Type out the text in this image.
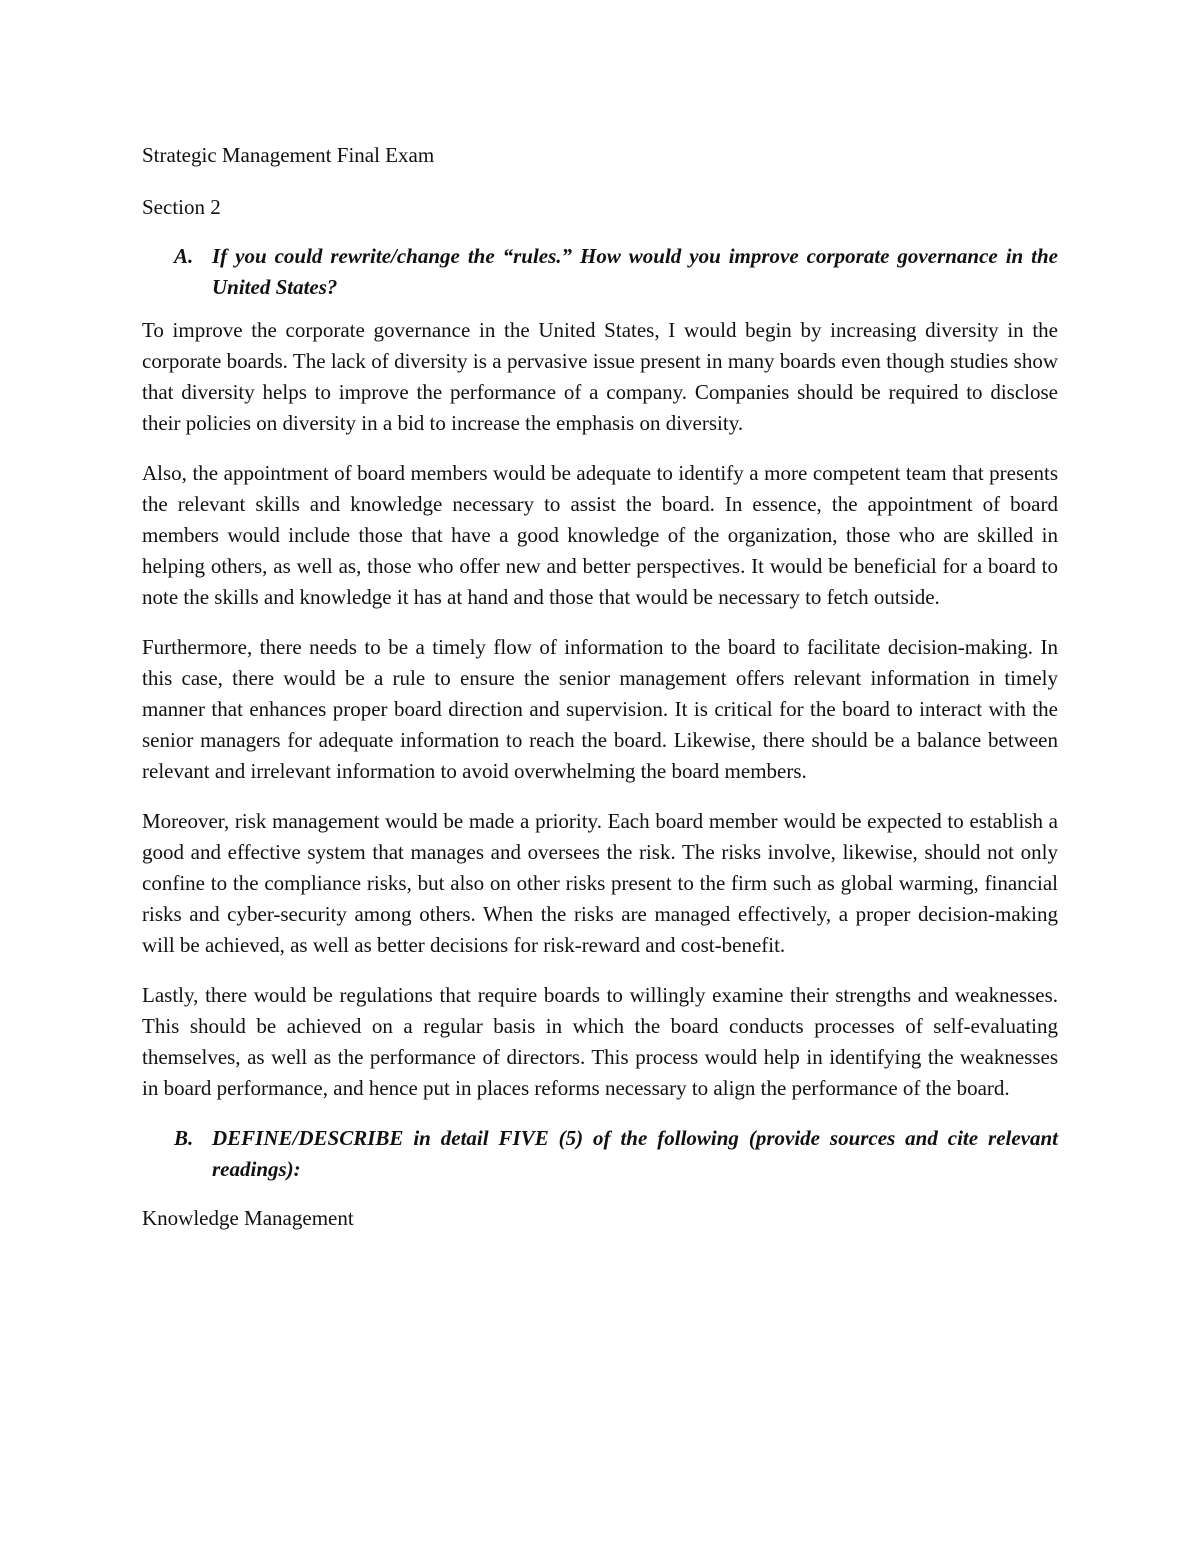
Strategic Management Final Exam

Section 2

A. If you could rewrite/change the “rules.” How would you improve corporate governance in the United States?

To improve the corporate governance in the United States, I would begin by increasing diversity in the corporate boards. The lack of diversity is a pervasive issue present in many boards even though studies show that diversity helps to improve the performance of a company. Companies should be required to disclose their policies on diversity in a bid to increase the emphasis on diversity.

Also, the appointment of board members would be adequate to identify a more competent team that presents the relevant skills and knowledge necessary to assist the board. In essence, the appointment of board members would include those that have a good knowledge of the organization, those who are skilled in helping others, as well as, those who offer new and better perspectives. It would be beneficial for a board to note the skills and knowledge it has at hand and those that would be necessary to fetch outside.

Furthermore, there needs to be a timely flow of information to the board to facilitate decision-making. In this case, there would be a rule to ensure the senior management offers relevant information in timely manner that enhances proper board direction and supervision. It is critical for the board to interact with the senior managers for adequate information to reach the board. Likewise, there should be a balance between relevant and irrelevant information to avoid overwhelming the board members.

Moreover, risk management would be made a priority. Each board member would be expected to establish a good and effective system that manages and oversees the risk. The risks involve, likewise, should not only confine to the compliance risks, but also on other risks present to the firm such as global warming, financial risks and cyber-security among others. When the risks are managed effectively, a proper decision-making will be achieved, as well as better decisions for risk-reward and cost-benefit.

Lastly, there would be regulations that require boards to willingly examine their strengths and weaknesses. This should be achieved on a regular basis in which the board conducts processes of self-evaluating themselves, as well as the performance of directors. This process would help in identifying the weaknesses in board performance, and hence put in places reforms necessary to align the performance of the board.

B. DEFINE/DESCRIBE in detail FIVE (5) of the following (provide sources and cite relevant readings):

Knowledge Management
